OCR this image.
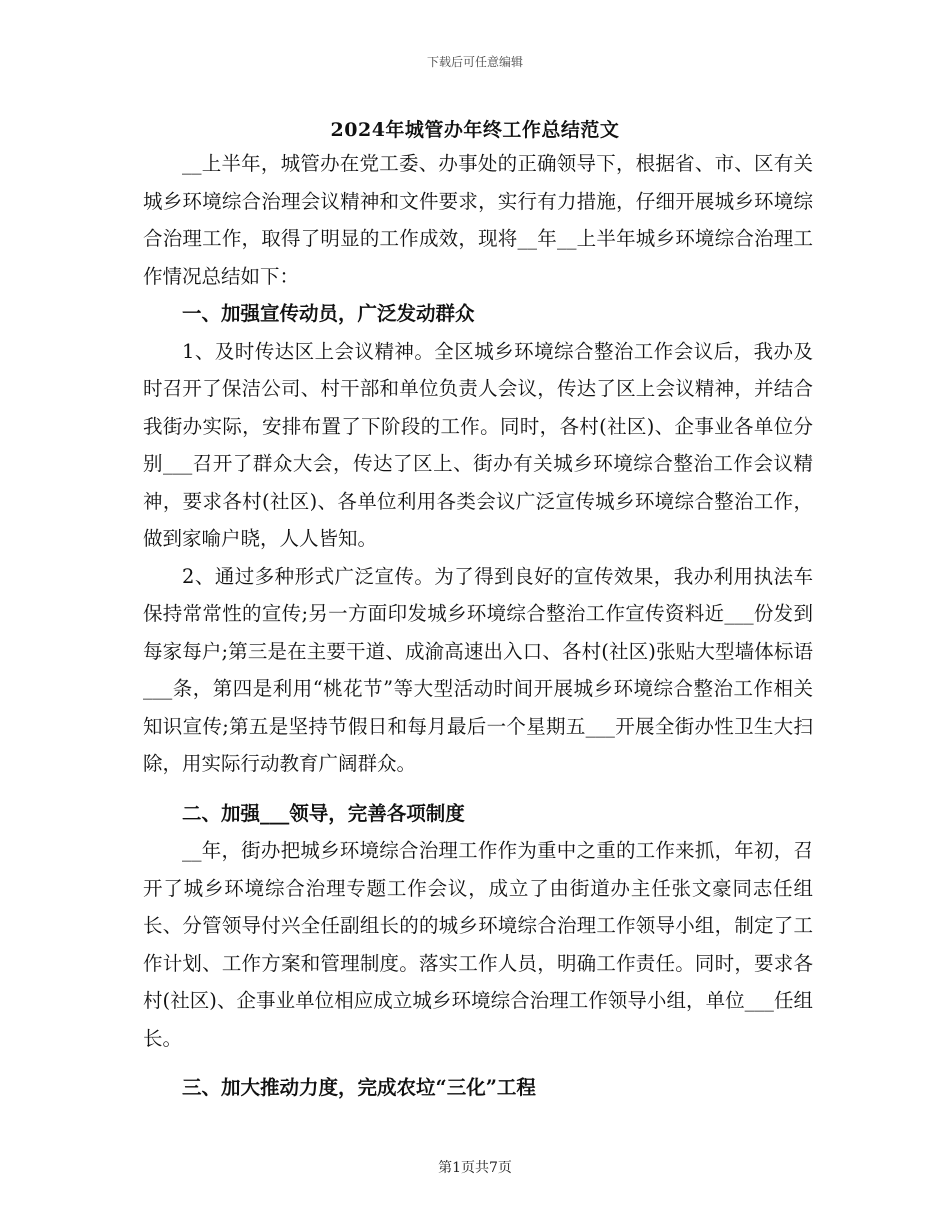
下载后可任意编辑
2024年城管办年终工作总结范文

__上半年，城管办在党工委、办事处的正确领导下，根据省、市、区有关城乡环境综合治理会议精神和文件要求，实行有力措施，仔细开展城乡环境综合治理工作，取得了明显的工作成效，现将__年__上半年城乡环境综合治理工作情况总结如下：

一、加强宣传动员，广泛发动群众

1、及时传达区上会议精神。全区城乡环境综合整治工作会议后，我办及时召开了保洁公司、村干部和单位负责人会议，传达了区上会议精神，并结合我街办实际，安排布置了下阶段的工作。同时，各村(社区)、企事业各单位分别___召开了群众大会，传达了区上、街办有关城乡环境综合整治工作会议精神，要求各村(社区)、各单位利用各类会议广泛宣传城乡环境综合整治工作，做到家喻户晓，人人皆知。

2、通过多种形式广泛宣传。为了得到良好的宣传效果，我办利用执法车保持常常性的宣传;另一方面印发城乡环境综合整治工作宣传资料近___份发到每家每户;第三是在主要干道、成渝高速出入口、各村(社区)张贴大型墙体标语___条，第四是利用“桃花节”等大型活动时间开展城乡环境综合整治工作相关知识宣传;第五是坚持节假日和每月最后一个星期五___开展全街办性卫生大扫除，用实际行动教育广阔群众。

二、加强___领导，完善各项制度

__年，街办把城乡环境综合治理工作作为重中之重的工作来抓，年初，召开了城乡环境综合治理专题工作会议，成立了由街道办主任张文豪同志任组长、分管领导付兴全任副组长的的城乡环境综合治理工作领导小组，制定了工作计划、工作方案和管理制度。落实工作人员，明确工作责任。同时，要求各村(社区)、企事业单位相应成立城乡环境综合治理工作领导小组，单位___任组长。

三、加大推动力度，完成农垃“三化”工程
第1页共7页
